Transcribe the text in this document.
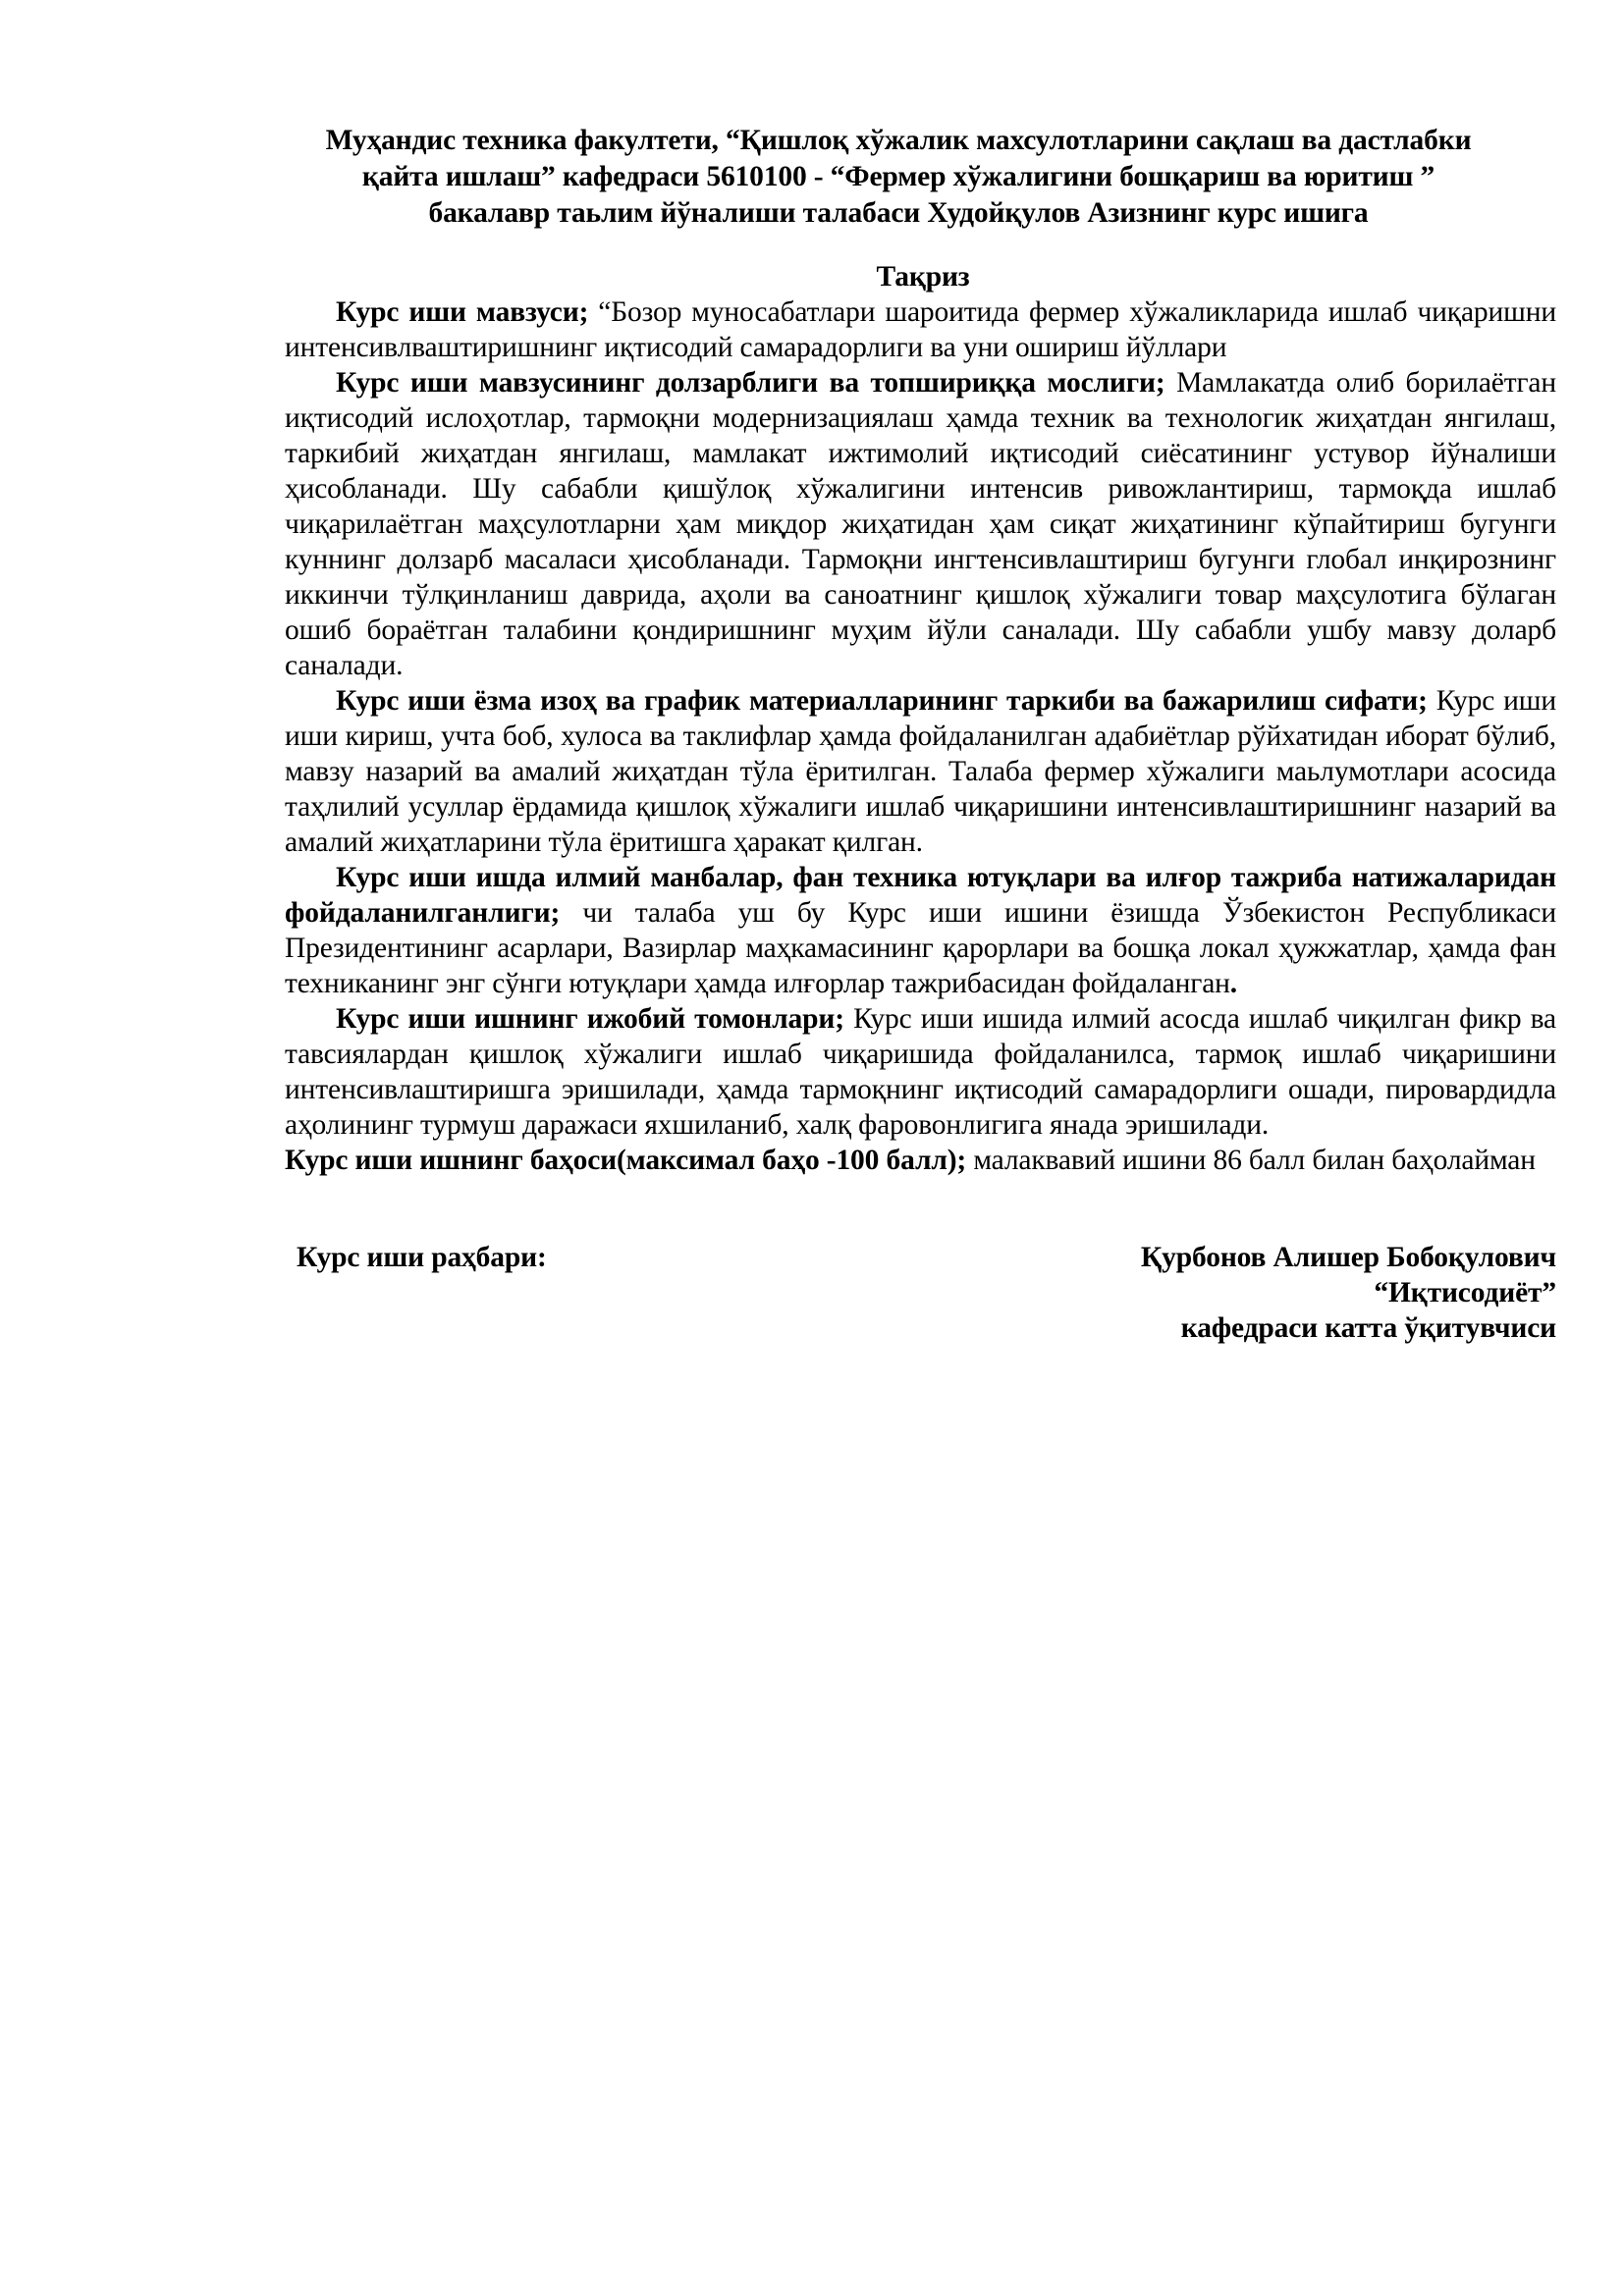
Муҳандис техника факултети, “Қишлоқ хўжалик махсулотларини сақлаш ва дастлабки
қайта ишлаш” кафедраси 5610100 - “Фермер хўжалигини бошқариш ва юритиш ”
бакалавр таьлим йўналиши талабаси Худойқулов Азизнинг курс ишига
Тақриз

Курс иши мавзуси; “Бозор муносабатлари шароитида фермер хўжаликларида ишлаб чиқаришни интенсивлваштиришнинг иқтисодий самарадорлиги ва уни ошириш йўллари

Курс иши мавзусининг долзарблиги ва топшириққа мослиги; Мамлакатда олиб борилаётган иқтисодий ислоҳотлар, тармоқни модернизациялаш ҳамда техник ва технологик жиҳатдан янгилаш, таркибий жиҳатдан янгилаш, мамлакат ижтимолий иқтисодий сиёсатининг устувор йўналиши ҳисобланади. Шу сабабли қишўлоқ хўжалигини интенсив ривожлантириш, тармоқда ишлаб чиқарилаётган маҳсулотларни ҳам миқдор жиҳатидан ҳам сиқат жиҳатининг кўпайтириш бугунги куннинг долзарб масаласи ҳисобланади. Тармоқни ингтенсивлаштириш бугунги глобал инқирознинг иккинчи тўлқинланиш даврида, аҳоли ва саноатнинг қишлоқ хўжалиги товар маҳсулотига бўлаган ошиб бораётган талабини қондиришнинг муҳим йўли саналади. Шу сабабли ушбу мавзу доларб саналади.

Курс иши ёзма изоҳ ва график материалларининг таркиби ва бажарилиш сифати; Курс иши иши кириш, учта боб, хулоса ва таклифлар ҳамда фойдаланилган адабиётлар рўйхатидан иборат бўлиб, мавзу назарий ва амалий жиҳатдан тўла ёритилган. Талаба фермер хўжалиги маьлумотлари асосида таҳлилий усуллар ёрдамида қишлоқ хўжалиги ишлаб чиқаришини интенсивлаштиришнинг назарий ва амалий жиҳатларини тўла ёритишга ҳаракат қилган.

Курс иши ишда илмий манбалар, фан техника ютуқлари ва илғор тажриба натижаларидан фойдаланилганлиги; чи талаба уш бу Курс иши ишини ёзишда Ўзбекистон Республикаси Президентининг асарлари, Вазирлар маҳкамасининг қарорлари ва бошқа локал ҳужжатлар, ҳамда фан техниканинг энг сўнги ютуқлари ҳамда илғорлар тажрибасидан фойдаланган.

Курс иши ишнинг ижобий томонлари; Курс иши ишида илмий асосда ишлаб чиқилган фикр ва тавсиялардан қишлоқ хўжалиги ишлаб чиқаришида фойдаланилса, тармоқ ишлаб чиқаришини интенсивлаштиришга эришилади, ҳамда тармоқнинг иқтисодий самарадорлиги ошади, пировардидла аҳолининг турмуш даражаси яхшиланиб, халқ фаровонлигига янада эришилади.

Курс иши ишнинг баҳоси(максимал баҳо -100 балл); малаквавий ишини 86 балл билан баҳолайман

Курс иши раҳбари:	Қурбонов Алишер Бобоқулович
“Иқтисодиёт”
кафедраси катта ўқитувчиси
